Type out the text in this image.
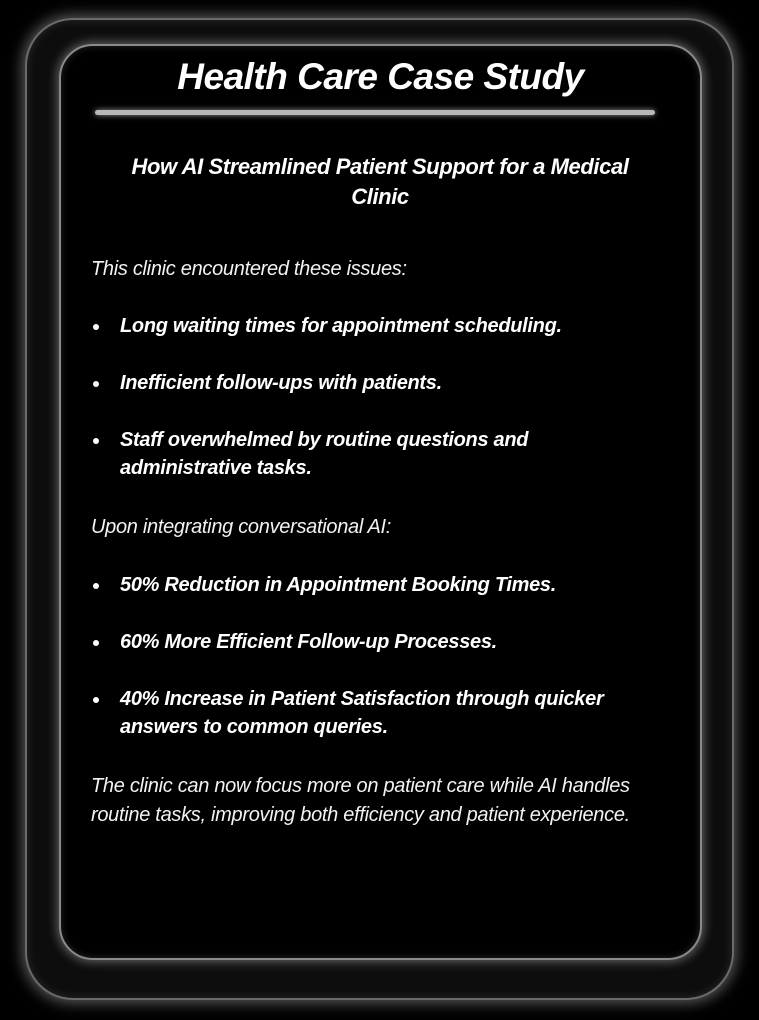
Health Care Case Study
How AI Streamlined Patient Support for a Medical Clinic

This clinic encountered these issues:

Long waiting times for appointment scheduling.
Inefficient follow-ups with patients.
Staff overwhelmed by routine questions and administrative tasks.

Upon integrating conversational AI:

50% Reduction in Appointment Booking Times.
60% More Efficient Follow-up Processes.
40% Increase in Patient Satisfaction through quicker answers to common queries.

The clinic can now focus more on patient care while AI handles routine tasks, improving both efficiency and patient experience.
